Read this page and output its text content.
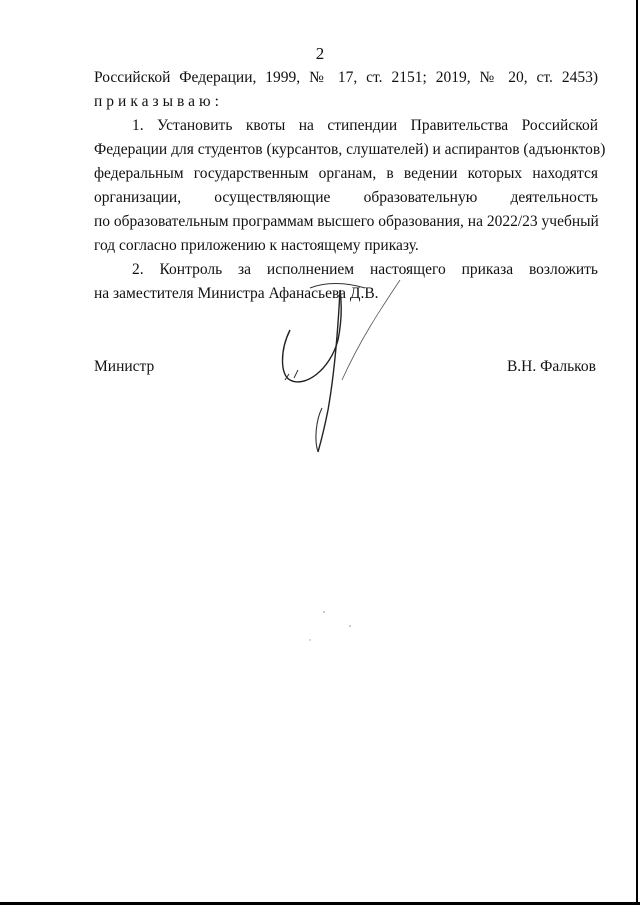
2
Российской Федерации, 1999, № 17, ст. 2151; 2019, № 20, ст. 2453)
приказываю:
1. Установить квоты на стипендии Правительства Российской
Федерации для студентов (курсантов, слушателей) и аспирантов (адъюнктов)
федеральным государственным органам, в ведении которых находятся
организации, осуществляющие образовательную деятельность
по образовательным программам высшего образования, на 2022/23 учебный
год согласно приложению к настоящему приказу.
2. Контроль за исполнением настоящего приказа возложить
на заместителя Министра Афанасьева Д.В.
Министр	В.Н. Фальков
